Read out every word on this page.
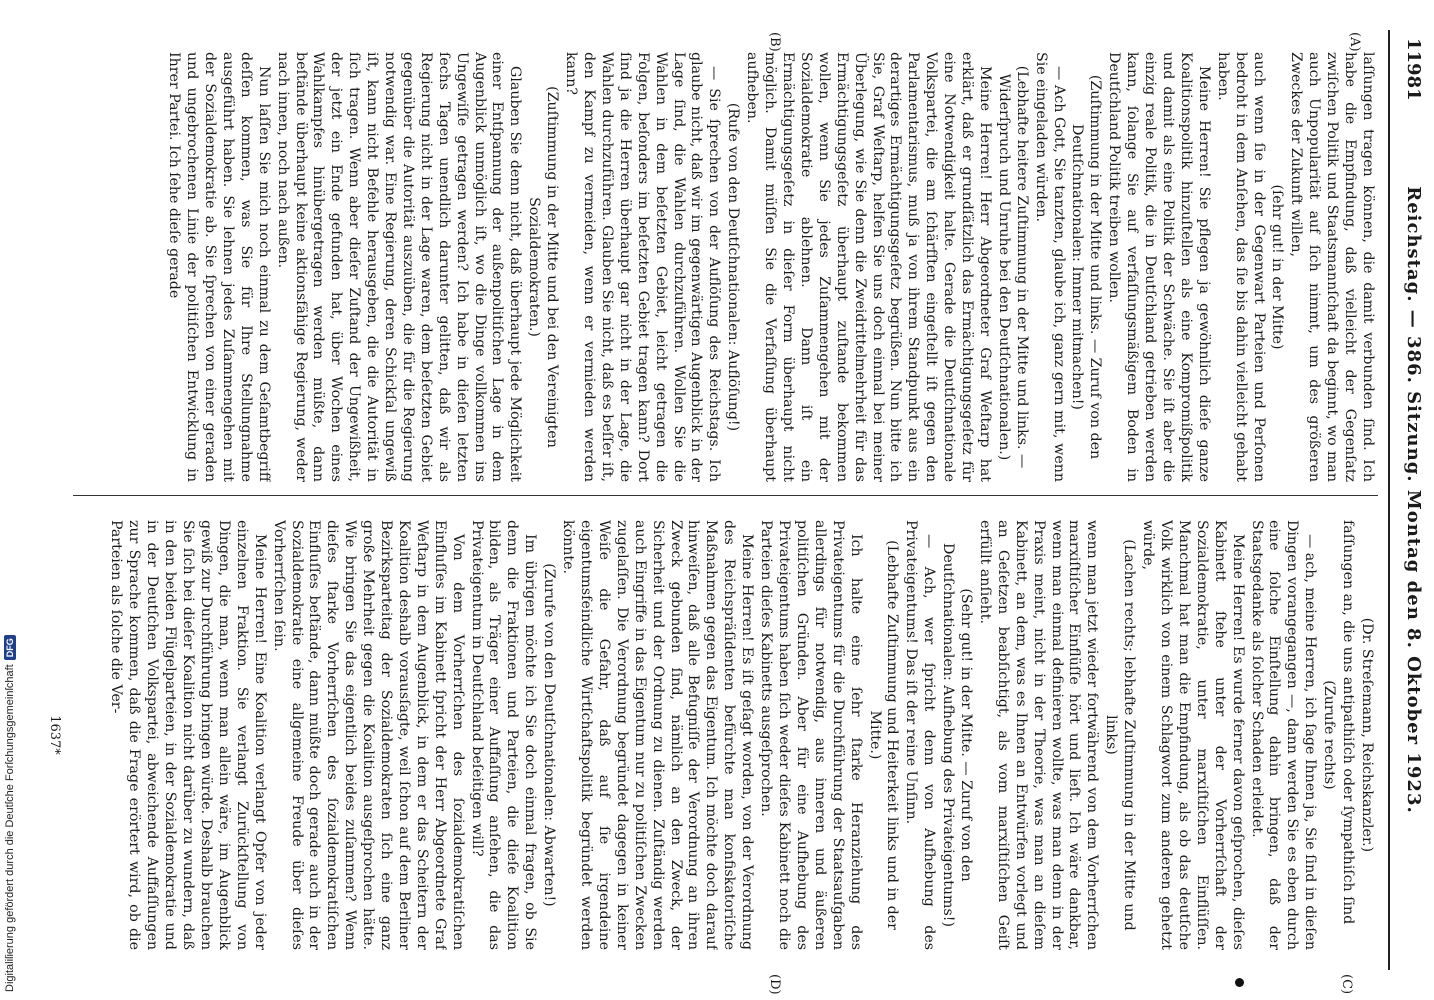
11981
Reichstag. — 386. Sitzung. Montag den 8. Oktober 1923.
(C)
(D)

laſſungen tragen können, die damit verbunden ſind. Ich habe die Empfindung, daß vielleicht der Gegenſatz zwiſchen Politik und Staatsmannſchaft da beginnt, wo man auch Unpopularität auf ſich nimmt, um des größeren Zweckes der Zukunft willen,

(ſehr gut! in der Mitte)

auch wenn ſie in der Gegenwart Parteien und Perſonen bedroht in dem Anſehen, das ſie bis dahin vielleicht gehabt haben.

Meine Herren! Sie pflegen ja gewöhnlich dieſe ganze Koalitionspolitik hinzuſtellen als eine Kompromißpolitik und damit als eine Politik der Schwäche. Sie iſt aber die einzig reale Politik, die in Deutſchland getrieben werden kann, ſolange Sie auf verfaſſungsmäßigem Boden in Deutſchland Politik treiben wollen.

(Zuſtimmung in der Mitte und links. — Zuruf von den Deutſchnationalen: Immer mitmachen!)

— Ach Gott, Sie tanzten, glaube ich, ganz gern mit, wenn Sie eingeladen würden.

(Lebhafte heitere Zuſtimmung in der Mitte und links. — Widerſpruch und Unruhe bei den Deutſchnationalen.)

Meine Herren! Herr Abgeordneter Graf Weſtarp hat erklärt, daß er grundſätzlich das Ermächtigungsgeſetz für eine Notwendigkeit halte. Gerade die Deutſchnationale Volkspartei, die am ſchärfſten eingeſtellt iſt gegen den Parlamentarismus, muß ja von ihrem Standpunkt aus ein derartiges Ermächtigungsgeſetz begrüßen. Nun bitte ich Sie, Graf Weſtarp, helfen Sie uns doch einmal bei meiner Überlegung, wie Sie denn die Zweidrittelmehrheit für das Ermächtigungsgeſetz überhaupt zuſtande bekommen wollen, wenn Sie jedes Zuſammengehen mit der Sozialdemokratie ablehnen. Dann iſt ein Ermächtigungsgeſetz in dieſer Form überhaupt nicht möglich. Damit müſſen Sie die Verfaſſung überhaupt aufheben.

(Rufe von den Deutſchnationalen: Auflöſung!)

— Sie ſprechen von der Auflöſung des Reichstags. Ich glaube nicht, daß wir im gegenwärtigen Augenblick in der Lage ſind, die Wahlen durchzuführen. Wollen Sie die Wahlen in dem beſetzten Gebiet, leicht getragen die Folgen, beſonders im beſetzten Gebiet tragen kann? Dort ſind ja die Herren überhaupt gar nicht in der Lage, die Wahlen durchzuführen. Glauben Sie nicht, daß es beſſer iſt, den Kampf zu vermeiden, wenn er vermieden werden kann?

(Zuſtimmung in der Mitte und bei den Vereinigten Sozialdemokraten.)

Glauben Sie denn nicht, daß überhaupt jede Möglichkeit einer Entſpannung der außenpolitiſchen Lage in dem Augenblick unmöglich iſt, wo die Dinge vollkommen ins Ungewiſſe getragen werden? Ich habe in dieſen letzten ſechs Tagen unendlich darunter gelitten, daß wir als Regierung nicht in der Lage waren, dem beſetzten Gebiet gegenüber die Autorität auszuüben, die für die Regierung notwendig war. Eine Regierung, deren Schickſal ungewiß iſt, kann nicht Befehle herausgeben, die die Autorität in ſich tragen. Wenn aber dieſer Zuſtand der Ungewißheit, der jetzt ein Ende gefunden hat, über Wochen eines Wahlkampfes hinübergetragen werden müßte, dann beſtände überhaupt keine aktionsfähige Regierung, weder nach innen, noch nach außen.

Nun laſſen Sie mich noch einmal zu dem Geſamtbegriff deſſen kommen, was Sie für Ihre Stellungnahme ausgeführt haben. Sie lehnen jedes Zuſammengehen mit der Sozialdemokratie ab. Sie ſprechen von einer geraden und ungebrochenen Linie der politiſchen Entwicklung in Ihrer Partei. Ich ſehe dieſe gerade

(Dr. Streſemann, Reichskanzler.)

faſſungen an, die uns antipathiſch oder ſympathiſch ſind

(Zurufe rechts)

— ach, meine Herren, ich ſage Ihnen ja, Sie ſind in dieſen Dingen vorangegangen —, dann werden Sie es eben durch eine ſolche Einſtellung dahin bringen, daß der Staatsgedanke als ſolcher Schaden erleidet.

Meine Herren! Es wurde ferner davon geſprochen, dieſes Kabinett ſtehe unter der Vorherrſchaft der Sozialdemokratie, unter marxiſtiſchen Einflüſſen. Manchmal hat man die Empfindung, als ob das deutſche Volk wirklich von einem Schlagwort zum anderen gehetzt würde,

(Lachen rechts; lebhafte Zuſtimmung in der Mitte und links)

wenn man jetzt wieder fortwährend von dem Vorherrſchen marxiſtiſcher Einflüſſe hört und lieſt. Ich wäre dankbar, wenn man einmal definieren wollte, was man denn in der Praxis meint, nicht in der Theorie, was man an dieſem Kabinett, an dem, was es Ihnen an Entwürfen vorlegt und an Geſetzen beabſichtigt, als vom marxiſtiſchen Geiſt erfüllt anſieht.

(Sehr gut! in der Mitte. — Zuruf von den Deutſchnationalen: Aufhebung des Privateigentums!)

— Ach, wer ſpricht denn von Aufhebung des Privateigentums! Das iſt der reine Unſinn.

(Lebhafte Zuſtimmung und Heiterkeit links und in der Mitte.)

Ich halte eine ſehr ſtarke Heranziehung des Privateigentums für die Durchführung der Staatsaufgaben allerdings für notwendig, aus inneren und äußeren politiſchen Gründen. Aber für eine Aufhebung des Privateigentums haben ſich weder dieſes Kabinett noch die Parteien dieſes Kabinetts ausgeſprochen.

Meine Herren! Es iſt geſagt worden, von der Verordnung des Reichspräſidenten befürchte man konfiskatoriſche Maßnahmen gegen das Eigentum. Ich möchte doch darauf hinweiſen, daß alle Befugniſſe der Verordnung an ihren Zweck gebunden ſind, nämlich an den Zweck, der Sicherheit und der Ordnung zu dienen. Zuſtändig werden auch Eingriffe in das Eigentum nur zu politiſchen Zwecken zugelaſſen. Die Verordnung begründet dagegen in keiner Weiſe die Gefahr, daß auf ſie irgendeine eigentumsfeindliche Wirtſchaftspolitik begründet werden könnte.

(Zurufe von den Deutſchnationalen: Abwarten!)

Im übrigen möchte ich Sie doch einmal fragen, ob Sie denn die Fraktionen und Parteien, die dieſe Koalition bilden, als Träger einer Auffaſſung anſehen, die das Privateigentum in Deutſchland beſeitigen will?

Von dem Vorherrſchen des ſozialdemokratiſchen Einfluſſes im Kabinett ſpricht der Herr Abgeordnete Graf Weſtarp in dem Augenblick, in dem er das Scheitern der Koalition deshalb vorausſagte, weil ſchon auf dem Berliner Bezirksparteitag der Sozialdemokraten ſich eine ganz große Mehrheit gegen die Koalition ausgeſprochen hätte. Wie bringen Sie das eigentlich beides zuſammen? Wenn dieſes ſtarke Vorherrſchen des ſozialdemokratiſchen Einfluſſes beſtände, dann müßte doch gerade auch in der Sozialdemokratie eine allgemeine Freude über dieſes Vorherrſchen ſein.

Meine Herren! Eine Koalition verlangt Opfer von jeder einzelnen Fraktion. Sie verlangt Zurückſtellung von Dingen, die man, wenn man allein wäre, im Augenblick gewiß zur Durchführung bringen würde. Deshalb brauchen Sie ſich bei dieſer Koalition nicht darüber zu wundern, daß in den beiden Flügelparteien, in der Sozialdemokratie und in der Deutſchen Volkspartei, abweichende Auffaſſungen zur Sprache kommen, daß die Frage erörtert wird, ob die Parteien als ſolche die Ver-

(A)
(B)
1637*
Digitaliſierung gefördert durch die Deutſche Forſchungsgemeinſchaft
DFG
